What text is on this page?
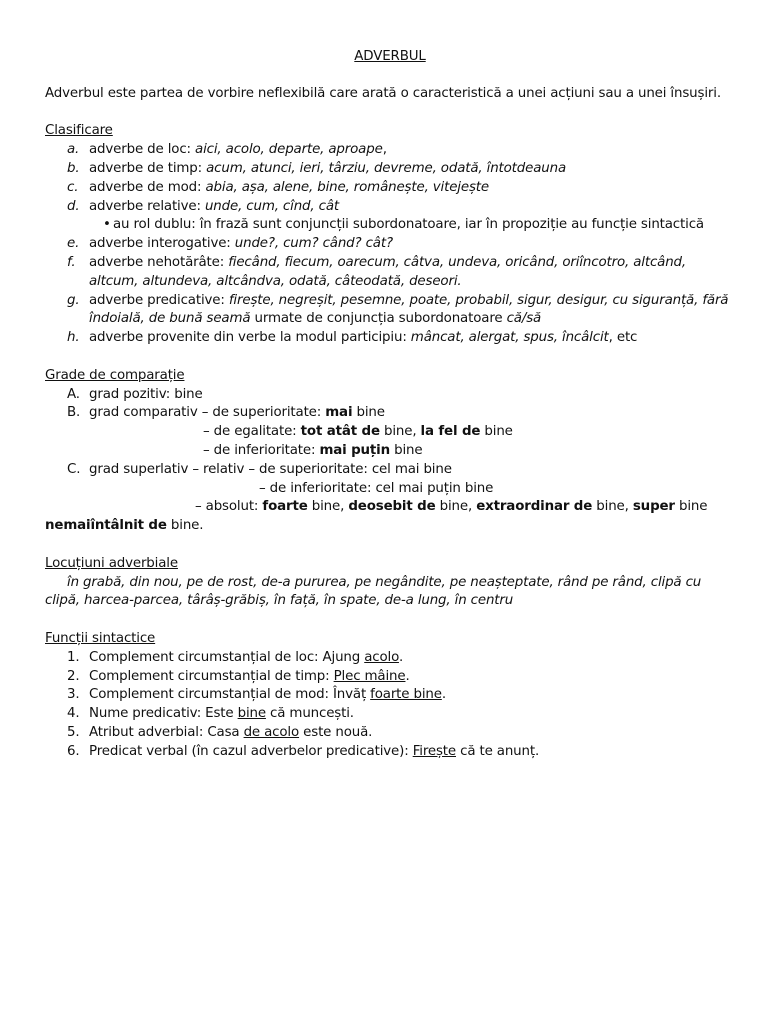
ADVERBUL

Adverbul este partea de vorbire neflexibilă care arată o caracteristică a unei acțiuni sau a unei însușiri.

Clasificare

a. adverbe de loc: aici, acolo, departe, aproape,
b. adverbe de timp: acum, atunci, ieri, târziu, devreme, odată, întotdeauna
c. adverbe de mod: abia, așa, alene, bine, românește, vitejește
d. adverbe relative: unde, cum, cînd, cât
• au rol dublu: în frază sunt conjuncții subordonatoare, iar în propoziție au funcție sintactică
e. adverbe interogative: unde?, cum? când? cât?
f.	adverbe nehotărâte: fiecând, fiecum, oarecum, câtva, undeva, oricând, oriîncotro, altcând, altcum, altundeva, altcândva, odată, câteodată, deseori.
g. adverbe predicative: firește, negreșit, pesemne, poate, probabil, sigur, desigur, cu siguranță, fără îndoială, de bună seamă urmate de conjuncția subordonatoare că/să
h. adverbe provenite din verbe la modul participiu: mâncat, alergat, spus, încâlcit, etc

Grade de comparație

A. grad pozitiv: bine
B. grad comparativ – de superioritate: mai bine

– de egalitate: tot atât de bine, la fel de bine

– de inferioritate: mai puțin bine

C. grad superlativ – relativ – de superioritate: cel mai bine

– de inferioritate: cel mai puțin bine

– absolut: foarte bine, deosebit de bine, extraordinar de bine, super bine

nemaiîntâlnit de bine.

Locuțiuni adverbiale

în grabă, din nou, pe de rost, de-a pururea, pe negândite, pe neașteptate, rând pe rând, clipă cu clipă, harcea-parcea, târâș-grăbiș, în față, în spate, de-a lung, în centru

Funcții sintactice

1. Complement circumstanțial de loc: Ajung acolo.
2. Complement circumstanțial de timp: Plec mâine.
3. Complement circumstanțial de mod: Învăț foarte bine.
4. Nume predicativ: Este bine că muncești.
5. Atribut adverbial: Casa de acolo este nouă.
6. Predicat verbal (în cazul adverbelor predicative): Firește că te anunț.
